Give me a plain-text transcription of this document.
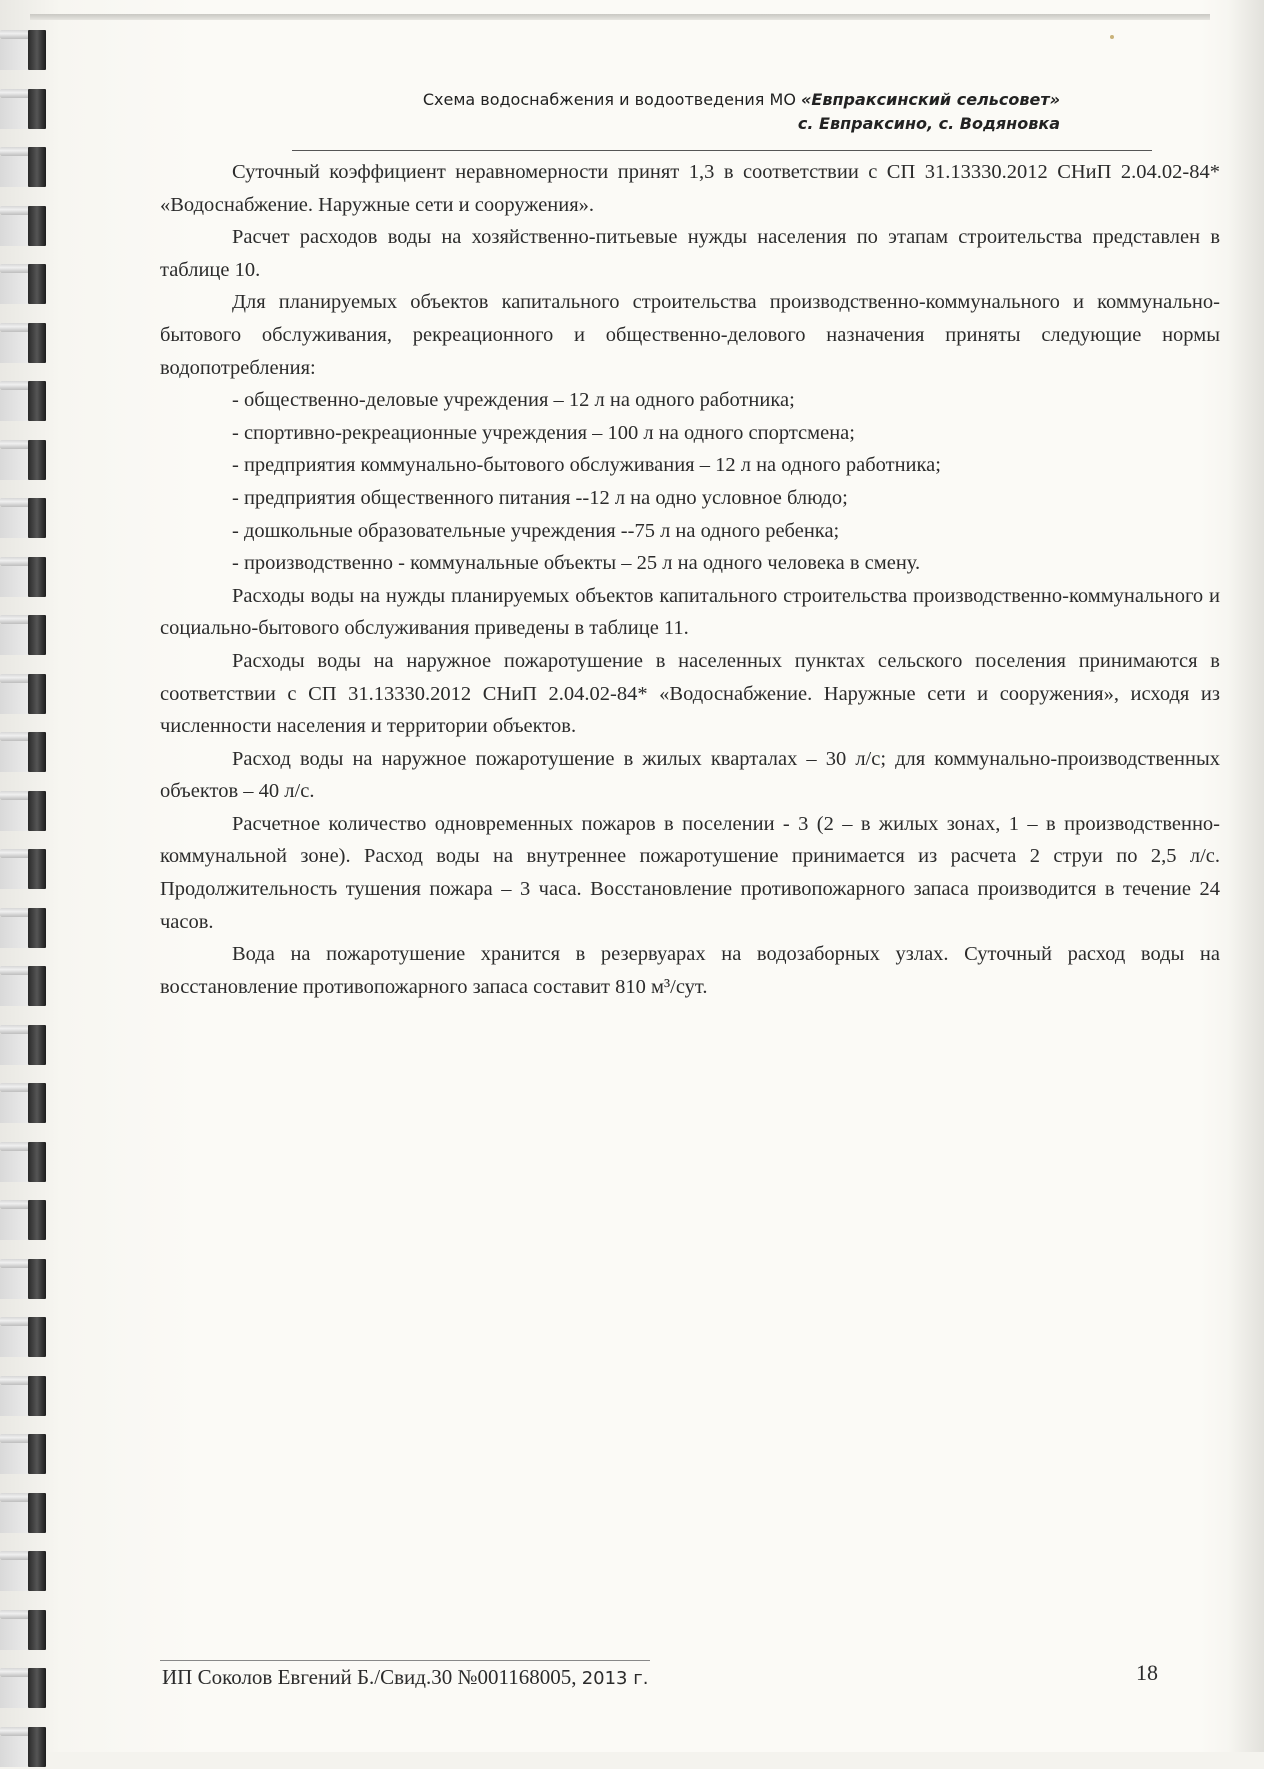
Схема водоснабжения и водоотведения МО «Евпраксинский сельсовет»
с. Евпраксино, с. Водяновка

Суточный коэффициент неравномерности принят 1,3 в соответствии с СП 31.13330.2012 СНиП 2.04.02-84* «Водоснабжение. Наружные сети и сооружения».

Расчет расходов воды на хозяйственно-питьевые нужды населения по этапам строительства представлен в таблице 10.

Для планируемых объектов капитального строительства производственно-коммунального и коммунально-бытового обслуживания, рекреационного и общественно-делового назначения приняты следующие нормы водопотребления:

- общественно-деловые учреждения – 12 л на одного работника;

- спортивно-рекреационные учреждения – 100 л на одного спортсмена;

- предприятия коммунально-бытового обслуживания – 12 л на одного работника;

- предприятия общественного питания --12 л на одно условное блюдо;

- дошкольные образовательные учреждения --75 л на одного ребенка;

- производственно - коммунальные объекты – 25 л на одного человека в смену.

Расходы воды на нужды планируемых объектов капитального строительства производственно-коммунального и социально-бытового обслуживания приведены в таблице 11.

Расходы воды на наружное пожаротушение в населенных пунктах сельского поселения принимаются в соответствии с СП 31.13330.2012 СНиП 2.04.02-84* «Водоснабжение. Наружные сети и сооружения», исходя из численности населения и территории объектов.

Расход воды на наружное пожаротушение в жилых кварталах – 30 л/с; для коммунально-производственных объектов – 40 л/с.

Расчетное количество одновременных пожаров в поселении - 3 (2 – в жилых зонах, 1 – в производственно-коммунальной зоне). Расход воды на внутреннее пожаротушение принимается из расчета 2 струи по 2,5 л/с. Продолжительность тушения пожара – 3 часа. Восстановление противопожарного запаса производится в течение 24 часов.

Вода на пожаротушение хранится в резервуарах на водозаборных узлах. Суточный расход воды на восстановление противопожарного запаса составит 810 м³/сут.

ИП Соколов Евгений Б./Свид.30 №001168005, 2013 г.	18
